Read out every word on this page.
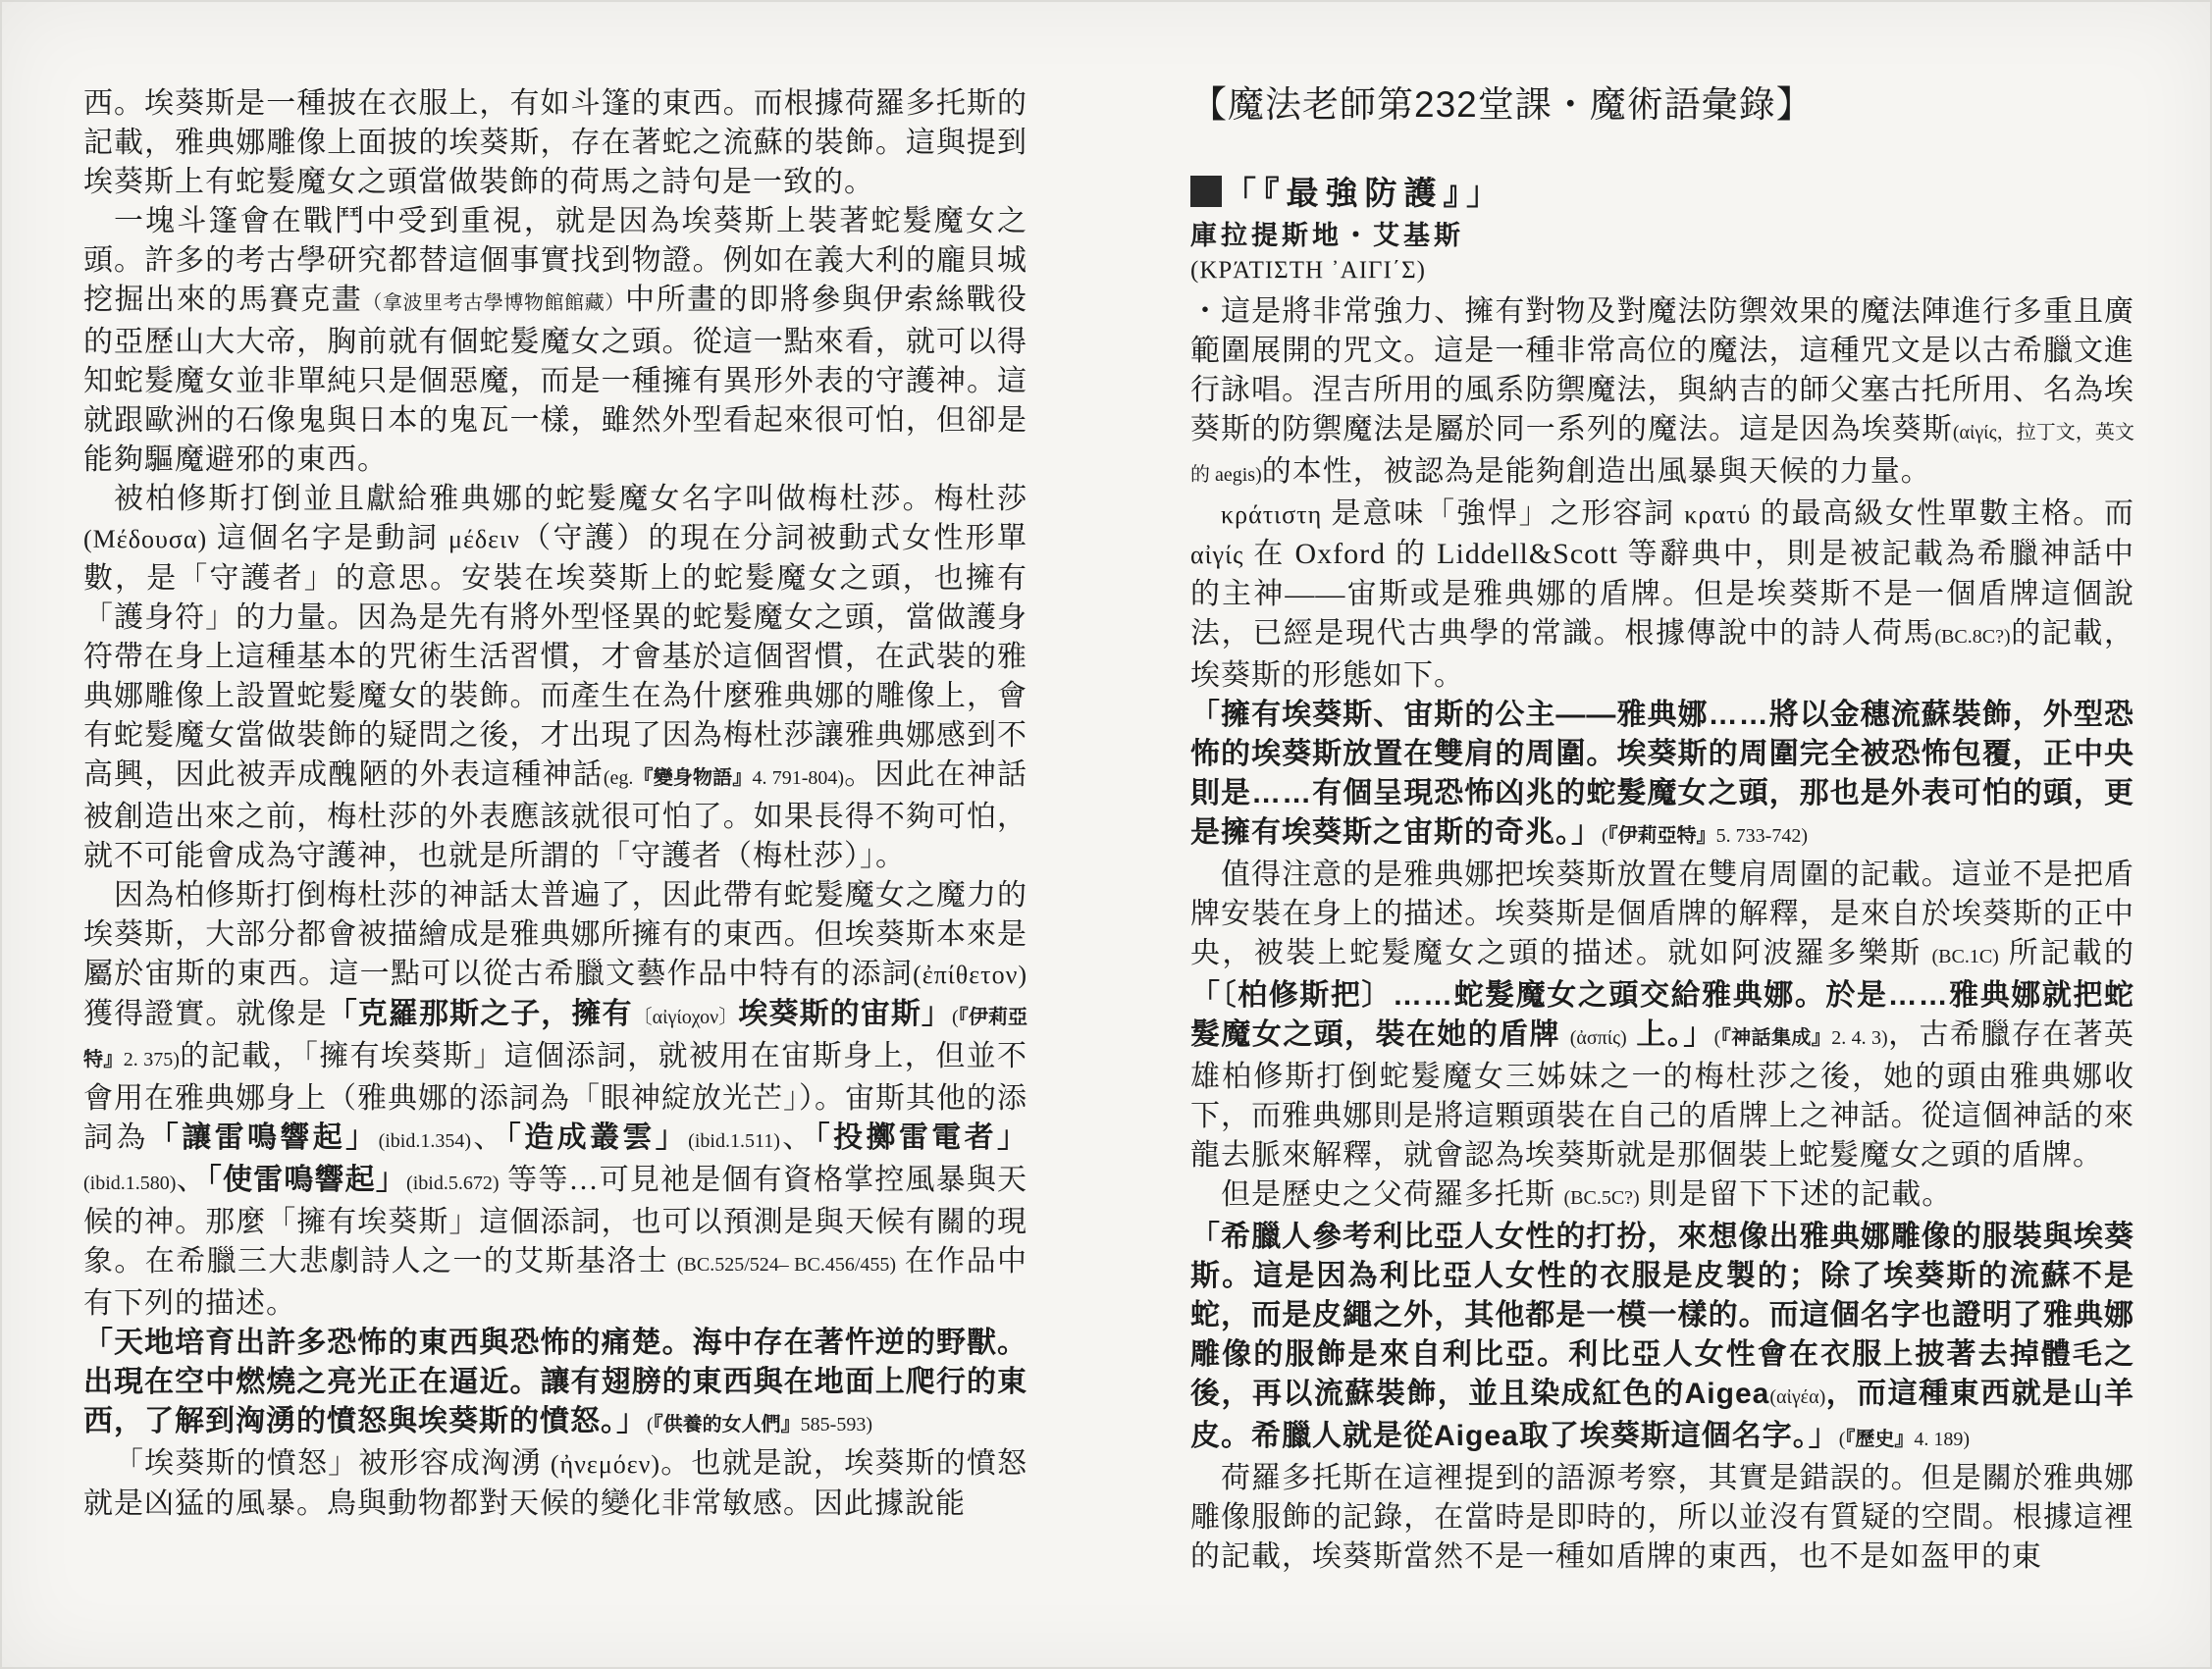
西。埃葵斯是一種披在衣服上，有如斗篷的東西。而根據荷羅多托斯的記載，雅典娜雕像上面披的埃葵斯，存在著蛇之流蘇的裝飾。這與提到埃葵斯上有蛇髮魔女之頭當做裝飾的荷馬之詩句是一致的。

一塊斗篷會在戰鬥中受到重視，就是因為埃葵斯上裝著蛇髮魔女之頭。許多的考古學研究都替這個事實找到物證。例如在義大利的龐貝城挖掘出來的馬賽克畫（拿波里考古學博物館館藏）中所畫的即將參與伊索絲戰役的亞歷山大大帝，胸前就有個蛇髮魔女之頭。從這一點來看，就可以得知蛇髮魔女並非單純只是個惡魔，而是一種擁有異形外表的守護神。這就跟歐洲的石像鬼與日本的鬼瓦一樣，雖然外型看起來很可怕，但卻是能夠驅魔避邪的東西。

被柏修斯打倒並且獻給雅典娜的蛇髮魔女名字叫做梅杜莎。梅杜莎(Μέδουσα) 這個名字是動詞 μέδειν（守護）的現在分詞被動式女性形單數，是「守護者」的意思。安裝在埃葵斯上的蛇髮魔女之頭，也擁有「護身符」的力量。因為是先有將外型怪異的蛇髮魔女之頭，當做護身符帶在身上這種基本的咒術生活習慣，才會基於這個習慣，在武裝的雅典娜雕像上設置蛇髮魔女的裝飾。而產生在為什麼雅典娜的雕像上，會有蛇髮魔女當做裝飾的疑問之後，才出現了因為梅杜莎讓雅典娜感到不高興，因此被弄成醜陋的外表這種神話(eg.『變身物語』4. 791-804)。因此在神話被創造出來之前，梅杜莎的外表應該就很可怕了。如果長得不夠可怕，就不可能會成為守護神，也就是所謂的「守護者（梅杜莎）」。

因為柏修斯打倒梅杜莎的神話太普遍了，因此帶有蛇髮魔女之魔力的埃葵斯，大部分都會被描繪成是雅典娜所擁有的東西。但埃葵斯本來是屬於宙斯的東西。這一點可以從古希臘文藝作品中特有的添詞(ἐπίθετον) 獲得證實。就像是「克羅那斯之子，擁有〔αἰγίοχον〕埃葵斯的宙斯」(『伊莉亞特』2. 375)的記載，「擁有埃葵斯」這個添詞，就被用在宙斯身上，但並不會用在雅典娜身上（雅典娜的添詞為「眼神綻放光芒」）。宙斯其他的添詞為「讓雷鳴響起」(ibid.1.354)、「造成叢雲」(ibid.1.511)、「投擲雷電者」(ibid.1.580)、「使雷鳴響起」(ibid.5.672) 等等…可見祂是個有資格掌控風暴與天候的神。那麼「擁有埃葵斯」這個添詞，也可以預測是與天候有關的現象。在希臘三大悲劇詩人之一的艾斯基洛士 (BC.525/524– BC.456/455) 在作品中有下列的描述。

「天地培育出許多恐怖的東西與恐怖的痛楚。海中存在著忤逆的野獸。出現在空中燃燒之亮光正在逼近。讓有翅膀的東西與在地面上爬行的東西，了解到洶湧的憤怒與埃葵斯的憤怒。」(『供養的女人們』585-593)

「埃葵斯的憤怒」被形容成洶湧 (ἠνεμόεν)。也就是說，埃葵斯的憤怒就是凶猛的風暴。鳥與動物都對天候的變化非常敏感。因此據說能

【魔法老師第232堂課・魔術語彙錄】

「『最強防護』」

庫拉提斯地・艾基斯

(ΚΡΆΤΙΣΤΗ ᾿ΑΙΓΙ΄Σ)

・這是將非常強力、擁有對物及對魔法防禦效果的魔法陣進行多重且廣範圍展開的咒文。這是一種非常高位的魔法，這種咒文是以古希臘文進行詠唱。涅吉所用的風系防禦魔法，與納吉的師父塞古托所用、名為埃葵斯的防禦魔法是屬於同一系列的魔法。這是因為埃葵斯(αἰγίς，拉丁文，英文的 aegis)的本性，被認為是能夠創造出風暴與天候的力量。

κράτιστη 是意味「強悍」之形容詞 κρατύ 的最高級女性單數主格。而 αἰγίς 在 Oxford 的 Liddell&Scott 等辭典中，則是被記載為希臘神話中的主神——宙斯或是雅典娜的盾牌。但是埃葵斯不是一個盾牌這個說法，已經是現代古典學的常識。根據傳說中的詩人荷馬(BC.8C?)的記載，埃葵斯的形態如下。

「擁有埃葵斯、宙斯的公主——雅典娜……將以金穗流蘇裝飾，外型恐怖的埃葵斯放置在雙肩的周圍。埃葵斯的周圍完全被恐怖包覆，正中央則是……有個呈現恐怖凶兆的蛇髮魔女之頭，那也是外表可怕的頭，更是擁有埃葵斯之宙斯的奇兆。」(『伊莉亞特』5. 733-742)

值得注意的是雅典娜把埃葵斯放置在雙肩周圍的記載。這並不是把盾牌安裝在身上的描述。埃葵斯是個盾牌的解釋，是來自於埃葵斯的正中央，被裝上蛇髮魔女之頭的描述。就如阿波羅多樂斯 (BC.1C) 所記載的「〔柏修斯把〕……蛇髮魔女之頭交給雅典娜。於是……雅典娜就把蛇髮魔女之頭，裝在她的盾牌 (ἀσπίς) 上。」(『神話集成』2. 4. 3)，古希臘存在著英雄柏修斯打倒蛇髮魔女三姊妹之一的梅杜莎之後，她的頭由雅典娜收下，而雅典娜則是將這顆頭裝在自己的盾牌上之神話。從這個神話的來龍去脈來解釋，就會認為埃葵斯就是那個裝上蛇髮魔女之頭的盾牌。

但是歷史之父荷羅多托斯 (BC.5C?) 則是留下下述的記載。

「希臘人參考利比亞人女性的打扮，來想像出雅典娜雕像的服裝與埃葵斯。這是因為利比亞人女性的衣服是皮製的；除了埃葵斯的流蘇不是蛇，而是皮繩之外，其他都是一模一樣的。而這個名字也證明了雅典娜雕像的服飾是來自利比亞。利比亞人女性會在衣服上披著去掉體毛之後，再以流蘇裝飾，並且染成紅色的Aigea(αἰγέα)，而這種東西就是山羊皮。希臘人就是從Aigea取了埃葵斯這個名字。」(『歷史』4. 189)

荷羅多托斯在這裡提到的語源考察，其實是錯誤的。但是關於雅典娜雕像服飾的記錄，在當時是即時的，所以並沒有質疑的空間。根據這裡的記載，埃葵斯當然不是一種如盾牌的東西，也不是如盔甲的東
